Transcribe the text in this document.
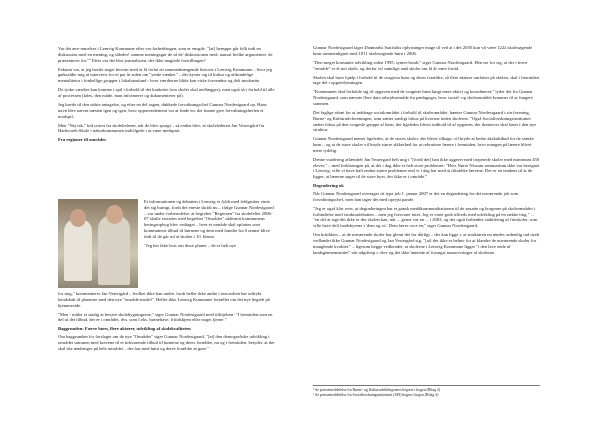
Var det ære·mmelser i Lemvig Kommune efter var forbedringen, som er ensgde, "[at] hensppe går folk indi en diskussion med en mening, og således! samme meningsgør de så de' diskussionen med, uansat hvilke argumenter, de præsenteres for."" Efter var det blot journalisten, der ikke magtede forstillingen?

Faktum var, at jeg havde noget besvær med at få forlat en sammenhængende historie i Lemvig Kommune – hvor jeg gæksaldte mig at interview for et par år siden om "yenle vænker" – der kyster sig til kultur og afdrindelige mentalitetur i fonkellige grupper i lokalsamfund - hvor værdierne blide kan virke forvendne og delt modsætte.

De tyske værdier kan komme i spil i forhold til det konkrete (om skoler skal nedlægges), men også så i forhold til alle af processen (fales, den måde, man informerer og dokumenterer på).

Jeg havde til den sidste antagelse, og efter en del sagen, dukkede forvaltningschef Gunnar Nordestgaard op. Hans navn blev nævnt næsten igen og igen, hvor oppavendement var at finde en, der kunne give forvaltningsherlen et modspil.

Men "Nej tak," lød svaret fra skolelederen, når de blev spurgt – så enden blev, at skolelederen Jan Vestergård fra Harbooreb Skole i naborkommunen indvilgede i at være medspart.

Fra regioner til områder

Et informationen og debatten i Lemvig er fyldt med feldgruber vinte det sig hurtigt, fordi det eneste skridt nu – ifølge Gunnar Nordestgaard – var under forberedelse: at begrebet "Regionen" fra skolefeltet 2006-07 skulle erstattes med begrebet "Områder" sådermit kommunens beringsopbyg blev vedtaget – hver et område skal opfattes som kommunens tilbud til børnene og dem med familie fra 0 omme blive født til de går ud af skolen i 10. klasse.

"Jeg ber ikke bort om disse planer – de er helt nye

for mig," kommenterer Jan Vestergård – hvilket ikke kan undre, fordi heller ikke andre i reacardten har udtrykt kendskab til planerne med den nye "område-model". Heller ikke Lemvig Kommune fortællet om det nye begreb på hjemmeside.

"Men - måler et stadig at bevare skolebygningerne," siger Gunnar Nordestgaard med tilføjelsen: "I fremtiden som en del af det tilbud, der er i området, dvs. som f.eks. børnehave, fritidshjem eller noget fjerne."

Baggrunden: Færre børn, flere aktører, udvikling af skolekvaliteten

Om baggrunden for forslaget om de nye "Områder" siger Gunnar Nordestgaard, "[at] den demografiske udvikling i området sammen med kravene til et tidsvarende tilbud til børnene og deres forældre, nu og i fremtiden, betyder, at der skal ske ændringer på hele området – der har med børn og deres forældre at gøre."

Gunnar Nordestgaard fager Danmarks Statistiks oplysninger mage til ved at i det 2030 kun vil være 1222 skolesøgende børn sammenlignet med 1811 skolesøgende børn i 2006.

"Den meget konstante udvikling siden 1995, syntes brudt," siger Gunnar Nordestgaard. Hen ser for sig, at der i hvert "område" er ét not skole, og derfor vil samtlige små skoler om få år være fortid.

Skolen skal have hjælp i forhold til de svagesta børn og deres forældre, så flere aktører omfatter på skolen, skal i fremtiden tage del i opgaveløsningen.

"Kommunen skal forholde sig til opgaven med de svageste børn langt mere aktivt og koordineret," lyder det fra Gunnar Nordestgaard, som nævnte flere data arbejdsområde fra pædagoger, hvor social- og skoleområdet kommer til at fungere sammen.

Det faglige afsæt for at inddrage socialområdet i forhold til skoleområdet, hænter Gunnar Nordestgaard i sin forening, Børne- og Kulturudvforeningen, som sætter særligt fokus på hvorsne inden skolerne. "Også Socialforskningsinstituttet sætter fokus på den svagesle gruppe af børn, der ligeledes bliver indhold til af opgaven, der ikemover skal løses i den nye struktur.

Gunnar Nordestgaard mener ligeledes, at de stores skoler, der bliver tilbage, vil bryde at bedre akskulttbud for de stærke børn – og at de store skoler vil bryde større sikkerhed for at rekruttere lærere i fremtiden, hvor mangen på lærere bliver mere tydelig.

Denne vurdering affændrér Jan Vestergard helt ung i "[fordi det] han ikke uggerer med troperede skoler med minimum 450 elever," – med forklaringen på, at det i dag ikke er helt store problemer: "Hvis Nørre Nissum seminarium ikke var beregnet i Lemvig, ville vi have haft endnu større problemer end vi i dag har med at tiltrække lærerne. Der er en tendens til at de ligger, at lærerne søger til de store byer, der ikke er i område."

Degradering ok

Når Gunnar Nordestgaard overtager rit type job 1. januar 2007 er det en degradering fra det nuværende job som forvaltningschef, men han tager det med oprejst pande.

"Jeg er også klar over, at degraderingen har et gansk meddkommunikationen til de ansatte og borgerne på skoleområdet i forbindelse med strukturdebatten – men jeg forsvarer intet. Jeg er varet godt tilfreds med udvikling på en række ting," ... "en del at sige det ikke er der skolen kan, når ... gerne var en ... i 2003, og der også forhenhet stabilering af frieskoler, som ville have delt landsbyerne i 'dem og os'. Dem lærer ovre en," siger Gunnar Nordestgaard.

Om kritikken – at de nuværende skoler har glemt det for dårligt – der kan ligge i, at strukturen nu ændes ordentlig rad rindt vedlandet ikke Gunnar Nordestgaard og Jan Vestergård sig, "[at] der ikke er behøv for at klandre de nuværende skoler for manglende kvalitet." – ligesom begge vedkender, at skolerne i Lemvig Kommune ligger "i den lave ende af landsgennemsnittet" når udgifterp r. elev og det ikke lønende af forsøgst numoveringer af skolerne.

¹ Se pressemeddelelse fra Børne- og Kulturudviklingsenes begrest i bogen (Bilag 2)
² Se pressemeddelelse fra Socialforskningsinstituttet (SFI) bogen i bogen (Bilag 3)
